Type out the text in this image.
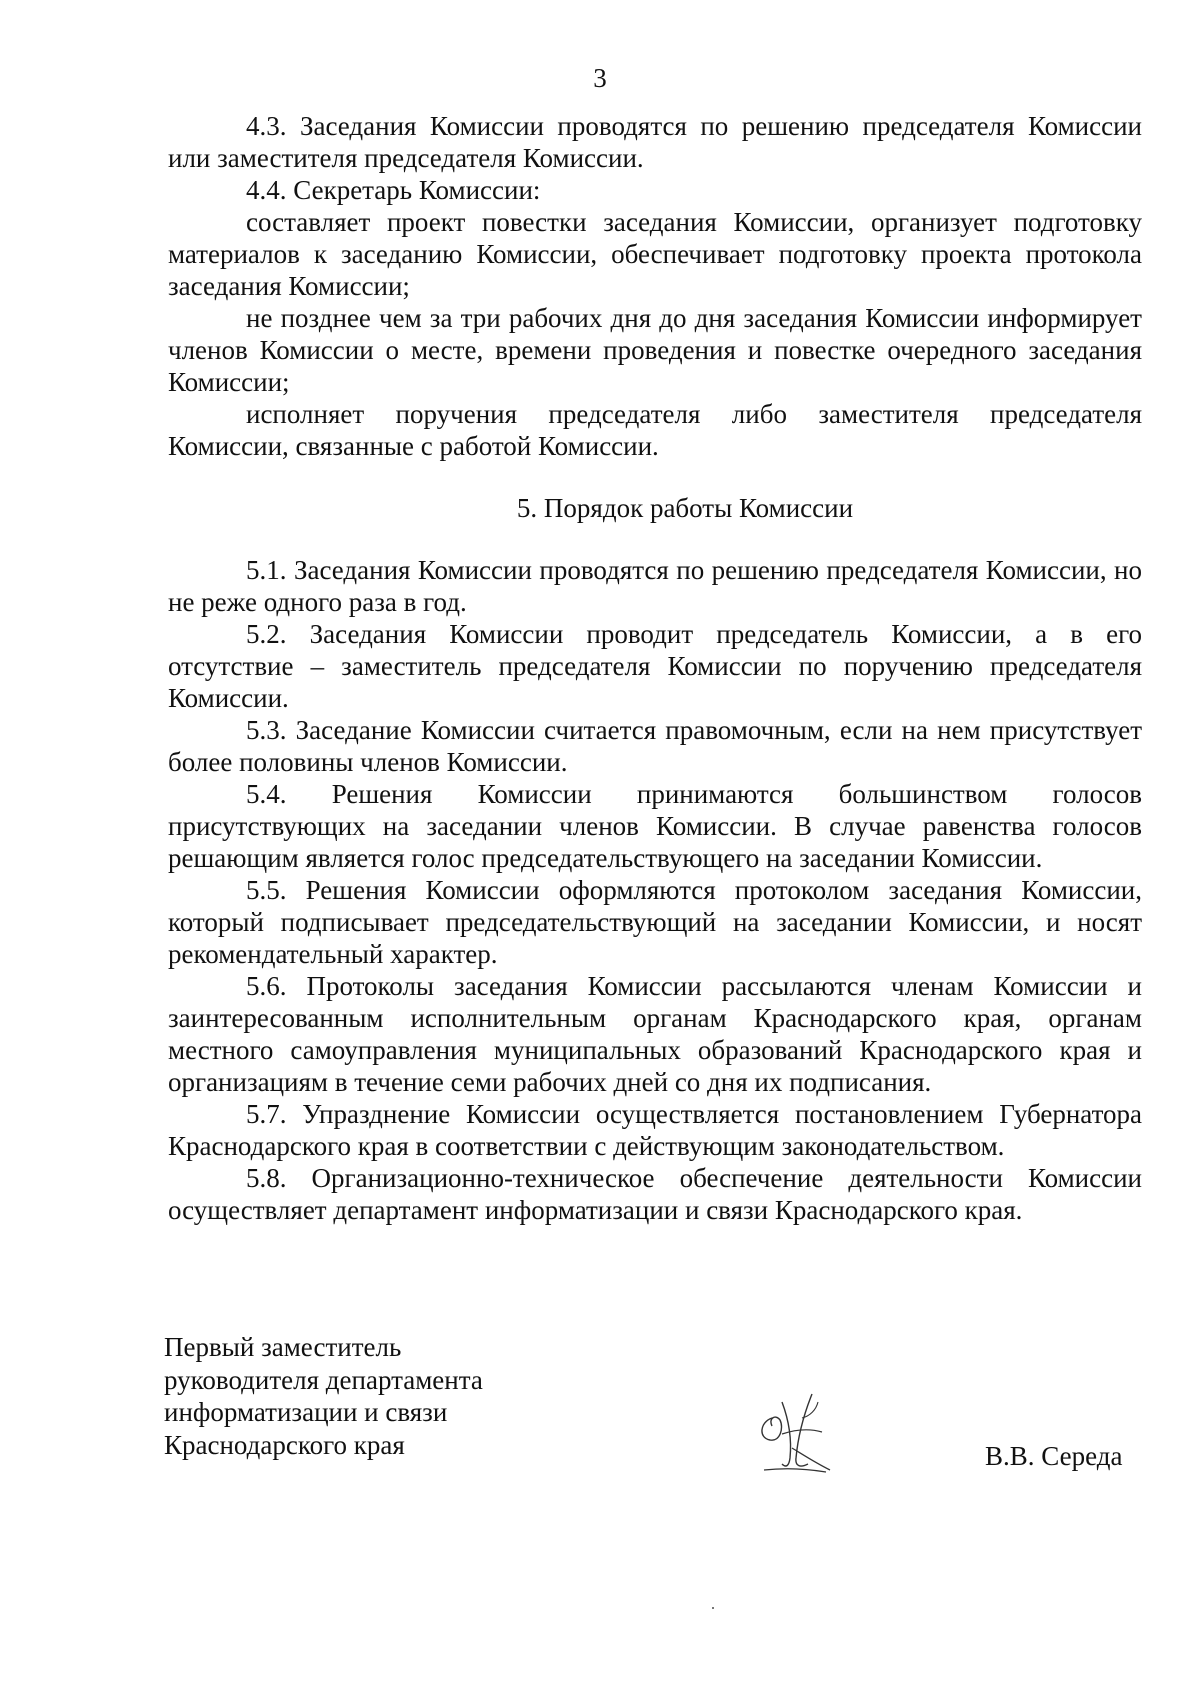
3

4.3. Заседания Комиссии проводятся по решению председателя Комиссии или заместителя председателя Комиссии.

4.4. Секретарь Комиссии:

составляет проект повестки заседания Комиссии, организует подготовку материалов к заседанию Комиссии, обеспечивает подготовку проекта протокола заседания Комиссии;

не позднее чем за три рабочих дня до дня заседания Комиссии информирует членов Комиссии о месте, времени проведения и повестке очередного заседания Комиссии;

исполняет поручения председателя либо заместителя председателя Комиссии, связанные с работой Комиссии.

5. Порядок работы Комиссии

5.1. Заседания Комиссии проводятся по решению председателя Комиссии, но не реже одного раза в год.

5.2. Заседания Комиссии проводит председатель Комиссии, а в его отсутствие – заместитель председателя Комиссии по поручению председателя Комиссии.

5.3. Заседание Комиссии считается правомочным, если на нем присутствует более половины членов Комиссии.

5.4. Решения Комиссии принимаются большинством голосов присутствующих на заседании членов Комиссии. В случае равенства голосов решающим является голос председательствующего на заседании Комиссии.

5.5. Решения Комиссии оформляются протоколом заседания Комиссии, который подписывает председательствующий на заседании Комиссии, и носят рекомендательный характер.

5.6. Протоколы заседания Комиссии рассылаются членам Комиссии и заинтересованным исполнительным органам Краснодарского края, органам местного самоуправления муниципальных образований Краснодарского края и организациям в течение семи рабочих дней со дня их подписания.

5.7. Упразднение Комиссии осуществляется постановлением Губернатора Краснодарского края в соответствии с действующим законодательством.

5.8. Организационно-техническое обеспечение деятельности Комиссии осуществляет департамент информатизации и связи Краснодарского края.

Первый заместитель
руководителя департамента
информатизации и связи
Краснодарского края	В.В. Середа
